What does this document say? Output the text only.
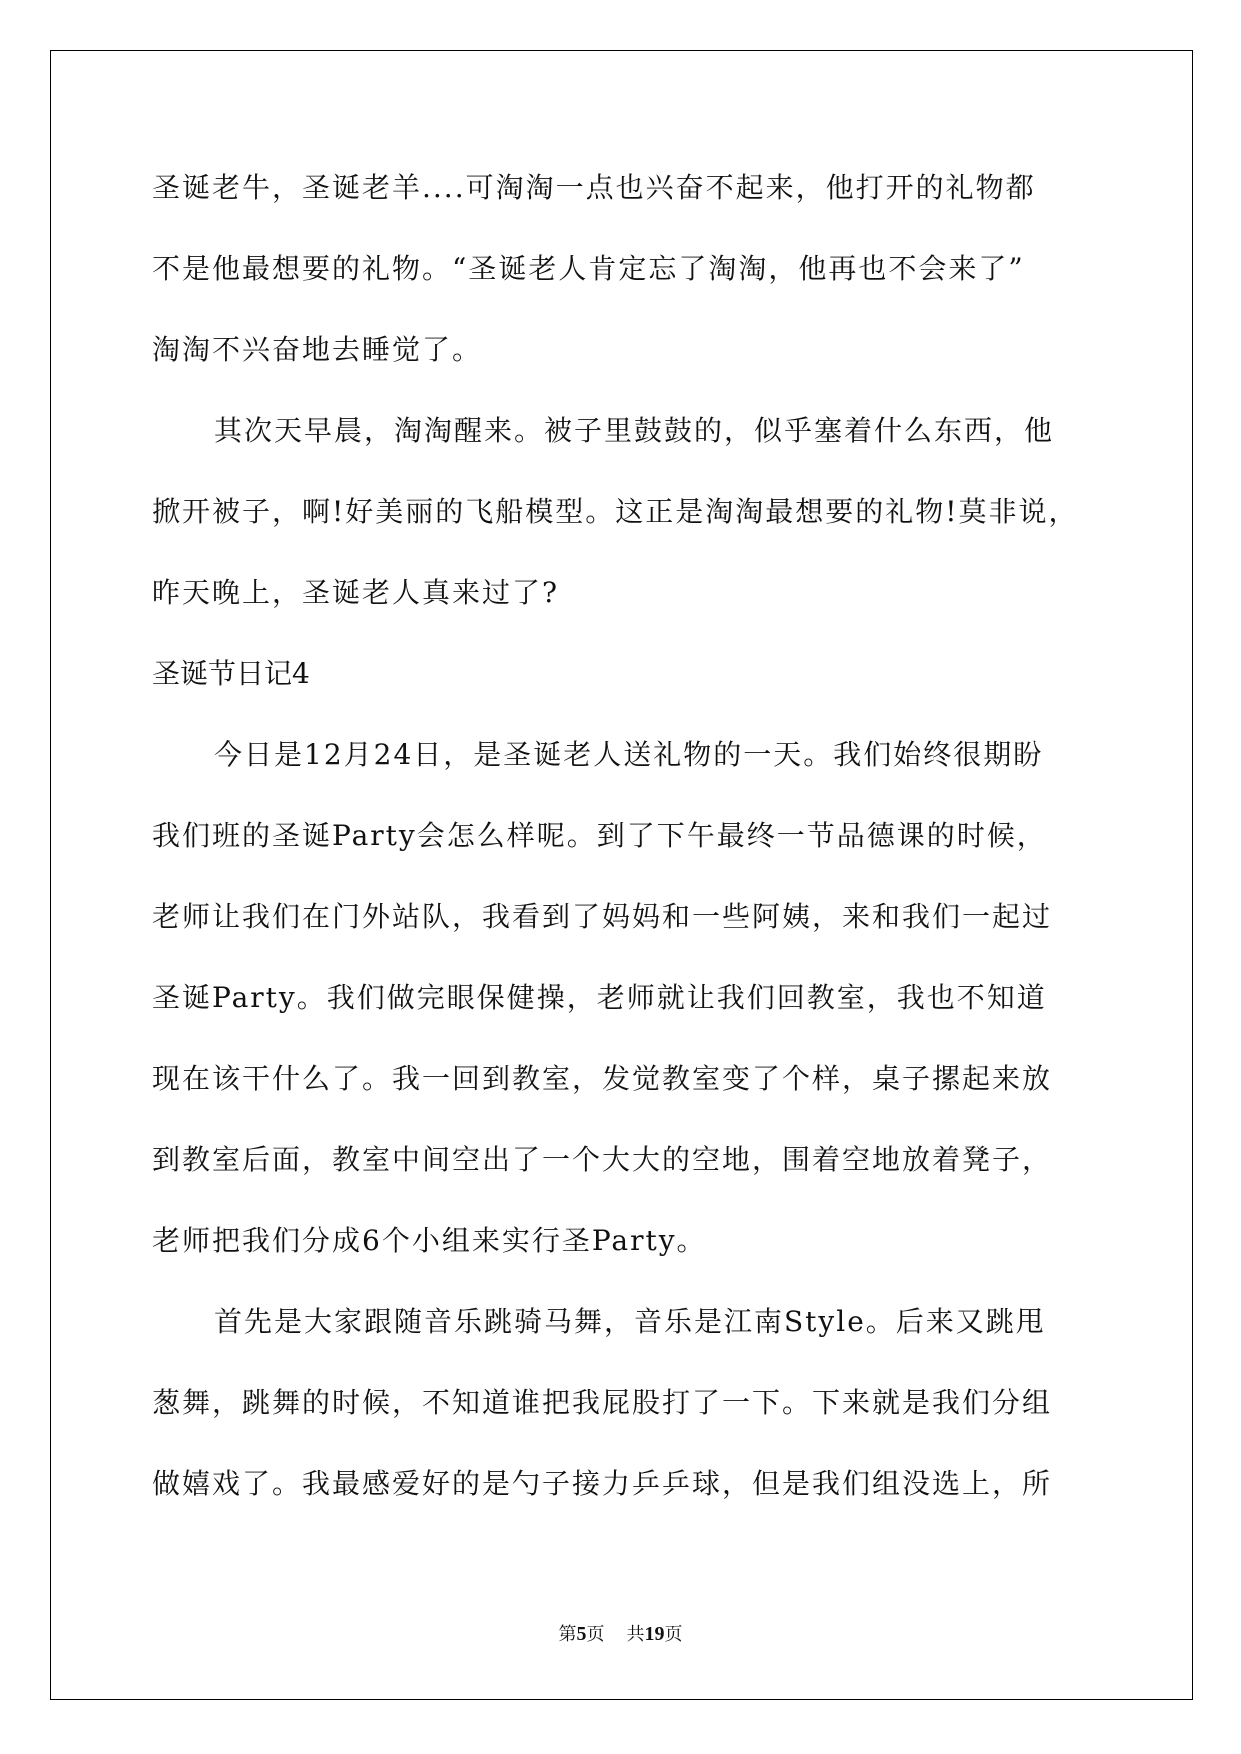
圣诞老牛，圣诞老羊....可淘淘一点也兴奋不起来，他打开的礼物都
不是他最想要的礼物。“圣诞老人肯定忘了淘淘，他再也不会来了”
淘淘不兴奋地去睡觉了。
其次天早晨，淘淘醒来。被子里鼓鼓的，似乎塞着什么东西，他
掀开被子，啊!好美丽的飞船模型。这正是淘淘最想要的礼物!莫非说，
昨天晚上，圣诞老人真来过了?
圣诞节日记4
今日是12月24日，是圣诞老人送礼物的一天。我们始终很期盼
我们班的圣诞Party会怎么样呢。到了下午最终一节品德课的时候，
老师让我们在门外站队，我看到了妈妈和一些阿姨，来和我们一起过
圣诞Party。我们做完眼保健操，老师就让我们回教室，我也不知道
现在该干什么了。我一回到教室，发觉教室变了个样，桌子摞起来放
到教室后面，教室中间空出了一个大大的空地，围着空地放着凳子，
老师把我们分成6个小组来实行圣Party。
首先是大家跟随音乐跳骑马舞，音乐是江南Style。后来又跳甩
葱舞，跳舞的时候，不知道谁把我屁股打了一下。下来就是我们分组
做嬉戏了。我最感爱好的是勺子接力乒乒球，但是我们组没选上，所
第5页 共19页
